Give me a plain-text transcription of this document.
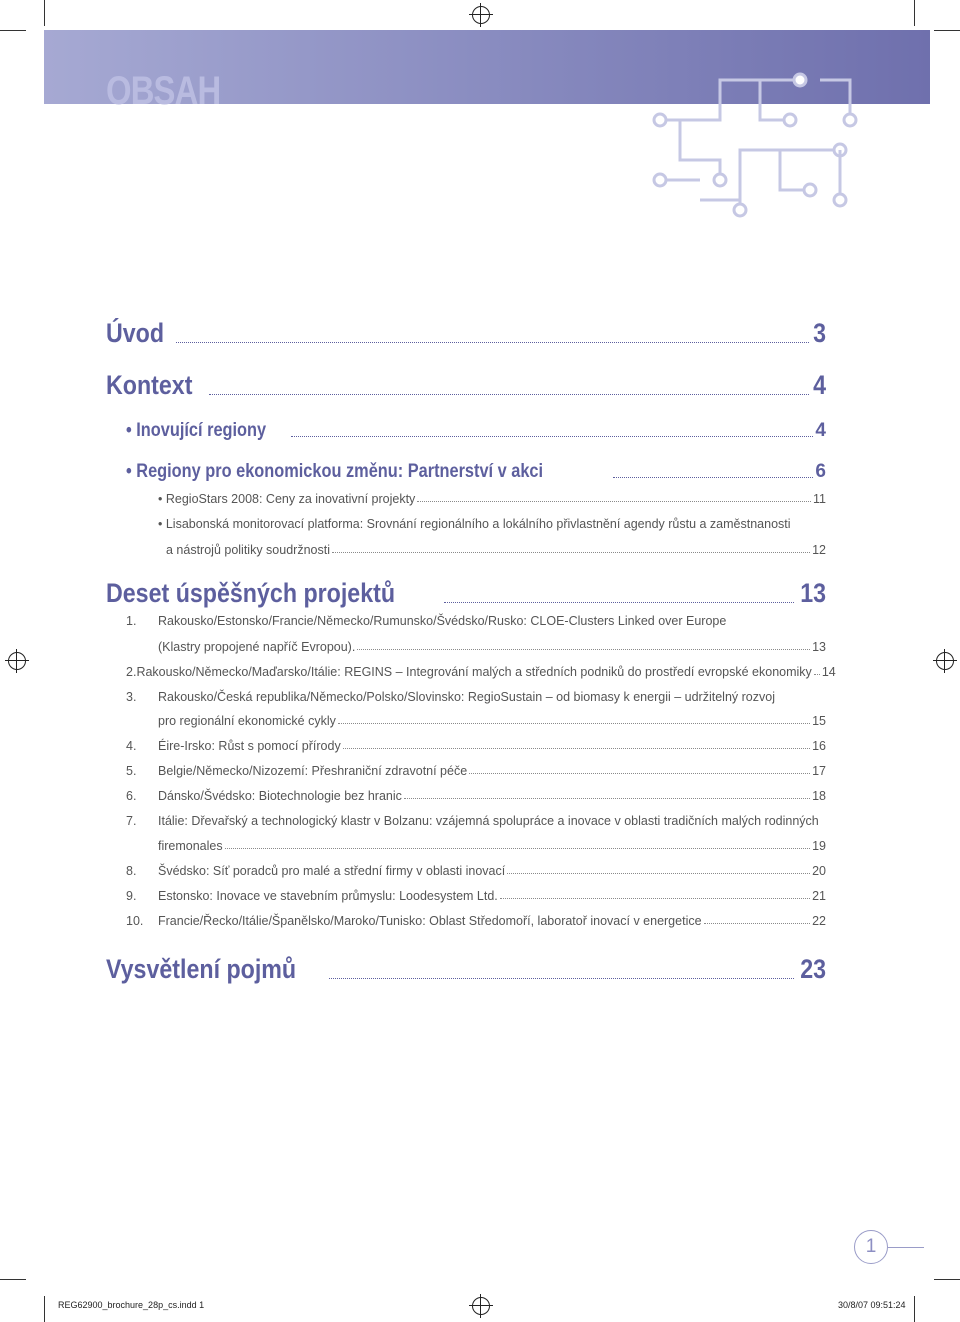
OBSAH
Úvod	3
Kontext	4
• Inovující regiony	4
• Regiony pro ekonomickou změnu: Partnerství v akci	6
• RegioStars 2008: Ceny za inovativní projekty	11
• Lisabonská monitorovací platforma: Srovnání regionálního a lokálního přivlastnění agendy růstu a zaměstnanosti
a nástrojů politiky soudržnosti	12
Deset úspěšných projektů	13
1.	Rakousko/Estonsko/Francie/Německo/Rumunsko/Švédsko/Rusko: CLOE-Clusters Linked over Europe
(Klastry propojené napříč Evropou).	13
2. Rakousko/Německo/Maďarsko/Itálie: REGINS – Integrování malých a středních podniků do prostředí evropské ekonomiky 14
3.	Rakousko/Česká republika/Německo/Polsko/Slovinsko: RegioSustain – od biomasy k energii – udržitelný rozvoj
pro regionální ekonomické cykly	15
4.	Éire-Irsko: Růst s pomocí přírody	16
5.	Belgie/Německo/Nizozemí: Přeshraniční zdravotní péče	17
6.	Dánsko/Švédsko: Biotechnologie bez hranic	18
7.	Itálie: Dřevařský a technologický klastr v Bolzanu: vzájemná spolupráce a inovace v oblasti tradičních malých rodinných
firemonales	19
8.	Švédsko: Síť poradců pro malé a střední firmy v oblasti inovací	20
9.	Estonsko: Inovace ve stavebním průmyslu: Loodesystem Ltd.	21
10.	Francie/Řecko/Itálie/Španělsko/Maroko/Tunisko: Oblast Středomoří, laboratoř inovací v energetice	22
Vysvětlení pojmů	23
1
REG62900_brochure_28p_cs.indd 1	30/8/07 09:51:24
